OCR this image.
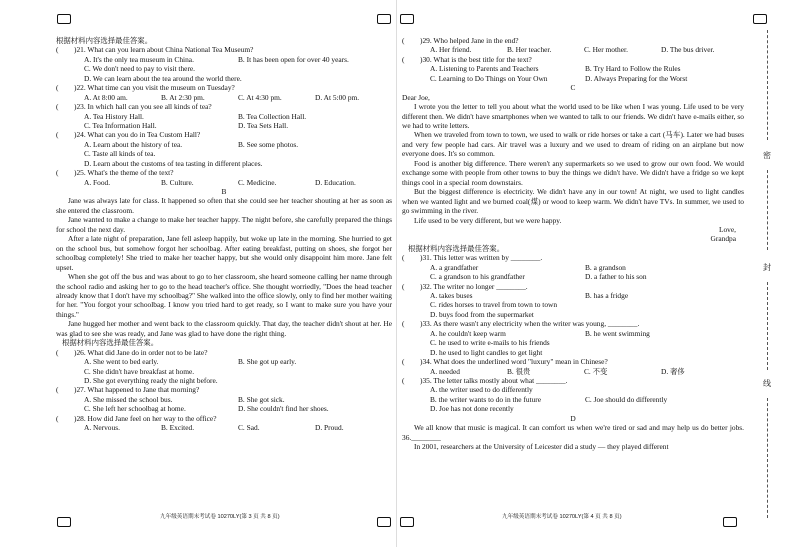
根据材料内容选择最佳答案。
(	)21. What can you learn about China National Tea Museum?
A. It's the only tea museum in China.	B. It has been open for over 40 years.
C. We don't need to pay to visit there.
D. We can learn about the tea around the world there.
(	)22. What time can you visit the museum on Tuesday?
A. At 8:00 am.	B. At 2:30 pm.	C. At 4:30 pm.	D. At 5:00 pm.
(	)23. In which hall can you see all kinds of tea?
A. Tea History Hall.	B. Tea Collection Hall.
C. Tea Information Hall.	D. Tea Sets Hall.
(	)24. What can you do in Tea Custom Hall?
A. Learn about the history of tea.	B. See some photos.
C. Taste all kinds of tea.
D. Learn about the customs of tea tasting in different places.
(	)25. What's the theme of the text?
A. Food.	B. Culture.	C. Medicine.	D. Education.
B
Jane was always late for class. It happened so often that she could see her teacher shouting at her as soon as she entered the classroom.
Jane wanted to make a change to make her teacher happy. The night before, she carefully prepared the things for school the next day.
After a late night of preparation, Jane fell asleep happily, but woke up late in the morning. She hurried to get on the school bus, but somehow forgot her schoolbag. After eating breakfast, putting on shoes, she forgot her schoolbag completely! She tried to make her teacher happy, but she would only disappoint him more. Jane felt upset.
When she got off the bus and was about to go to her classroom, she heard someone calling her name through the school radio and asking her to go to the head teacher's office. She thought worriedly, "Does the head teacher already know that I don't have my schoolbag?" She walked into the office slowly, only to find her mother waiting for her. "You forgot your schoolbag. I know you tried hard to get ready, so I want to make sure you have your things."
Jane hugged her mother and went back to the classroom quickly. That day, the teacher didn't shout at her. He was glad to see she was ready, and Jane was glad to have done the right thing.
根据材料内容选择最佳答案。
(	)26. What did Jane do in order not to be late?
A. She went to bed early.	B. She got up early.
C. She didn't have breakfast at home.
D. She got everything ready the night before.
(	)27. What happened to Jane that morning?
A. She missed the school bus.	B. She got sick.
C. She left her schoolbag at home.	D. She couldn't find her shoes.
(	)28. How did Jane feel on her way to the office?
A. Nervous.	B. Excited.	C. Sad.	D. Proud.
九年级英语期末考试卷 10270LY(第 3 页 共 8 页)
(	)29. Who helped Jane in the end?
A. Her friend.	B. Her teacher.	C. Her mother.	D. The bus driver.
(	)30. What is the best title for the text?
A. Listening to Parents and Teachers	B. Try Hard to Follow the Rules
C. Learning to Do Things on Your Own	D. Always Preparing for the Worst
C
Dear Joe,
I wrote you the letter to tell you about what the world used to be like when I was young. Life used to be very different then. We didn't have smartphones when we wanted to talk to our friends. We didn't have e-mails either, so we had to write letters.
When we traveled from town to town, we used to walk or ride horses or take a cart (马车). Later we had buses and very few people had cars. Air travel was a luxury and we used to dream of riding on an airplane but now everyone does. It's so common.
Food is another big difference. There weren't any supermarkets so we used to grow our own food. We would exchange some with people from other towns to buy the things we didn't have. We didn't have a fridge so we kept things cool in a special room downstairs.
But the biggest difference is electricity. We didn't have any in our town! At night, we used to light candles when we wanted light and we burned coal(煤) or wood to keep warm. We didn't have TVs. In summer, we used to go swimming in the river.
Life used to be very different, but we were happy.
Love,
Grandpa
根据材料内容选择最佳答案。
(	)31. This letter was written by ________.
A. a grandfather	B. a grandson
C. a grandson to his grandfather	D. a father to his son
(	)32. The writer no longer ________.
A. takes buses	B. has a fridge
C. rides horses to travel from town to town
D. buys food from the supermarket
(	)33. As there wasn't any electricity when the writer was young, ________.
A. he couldn't keep warm	B. he went swimming
C. he used to write e-mails to his friends
D. he used to light candles to get light
(	)34. What does the underlined word "luxury" mean in Chinese?
A. needed	B. 很贵	C. 不变	D. 奢侈
(	)35. The letter talks mostly about what ________.
A. the writer used to do differently
B. the writer wants to do in the future	C. Joe should do differently
D. Joe has not done recently
D
We all know that music is magical. It can comfort us when we're tired or sad and may help us do better jobs. 36.________
In 2001, researchers at the University of Leicester did a study — they played different
九年级英语期末考试卷 10270LY(第 4 页 共 8 页)
密
封
线
